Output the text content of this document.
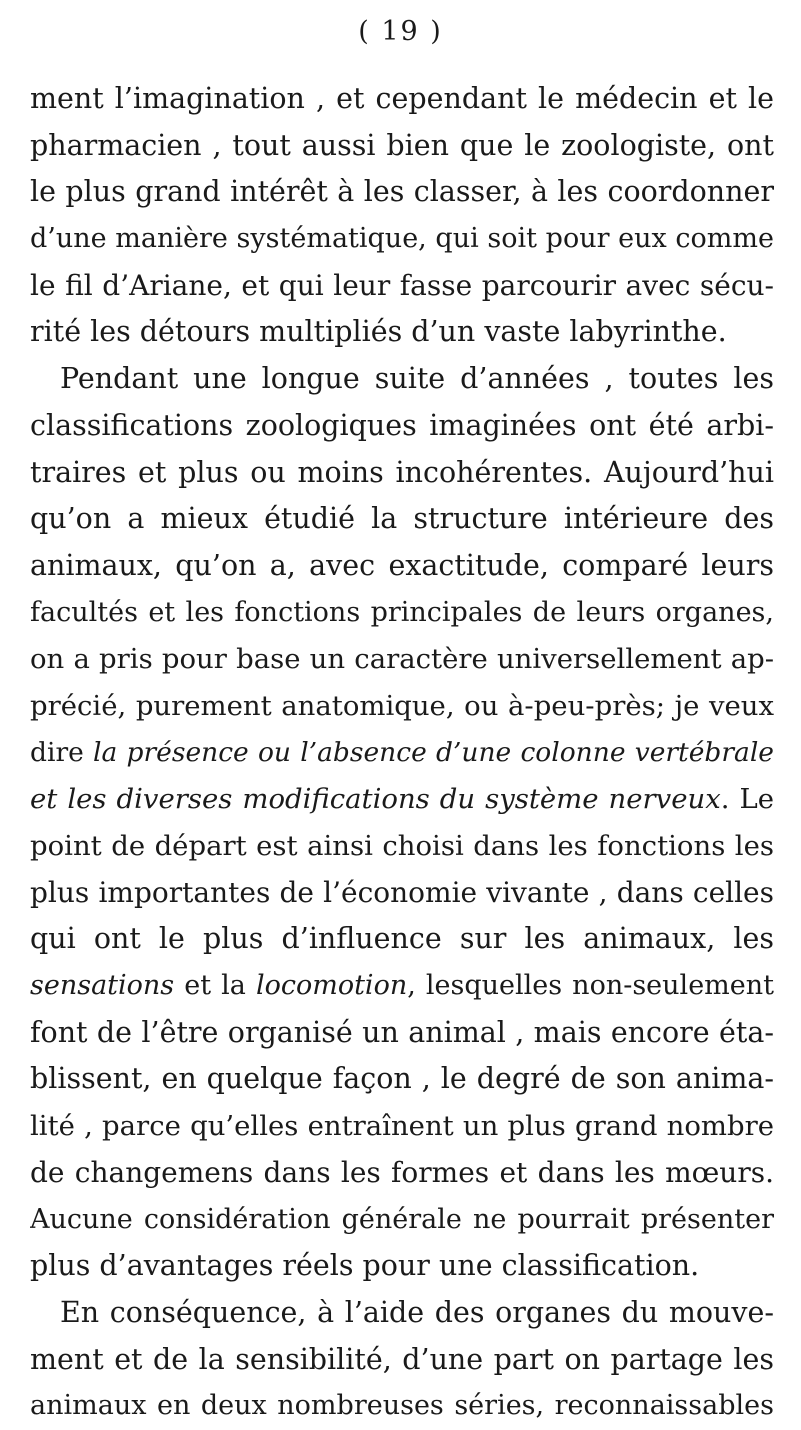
( 19 )
ment l’imagination , et cependant le médecin et le
pharmacien , tout aussi bien que le zoologiste, ont
le plus grand intérêt à les classer, à les coordonner
d’une manière systématique, qui soit pour eux comme
le fil d’Ariane, et qui leur fasse parcourir avec sécu-
rité les détours multipliés d’un vaste labyrinthe.
Pendant une longue suite d’années , toutes les
classifications zoologiques imaginées ont été arbi-
traires et plus ou moins incohérentes. Aujourd’hui
qu’on a mieux étudié la structure intérieure des
animaux, qu’on a, avec exactitude, comparé leurs
facultés et les fonctions principales de leurs organes,
on a pris pour base un caractère universellement ap-
précié, purement anatomique, ou à-peu-près; je veux
dire la présence ou l’absence d’une colonne vertébrale
et les diverses modifications du système nerveux. Le
point de départ est ainsi choisi dans les fonctions les
plus importantes de l’économie vivante , dans celles
qui ont le plus d’influence sur les animaux, les
sensations et la locomotion, lesquelles non-seulement
font de l’être organisé un animal , mais encore éta-
blissent, en quelque façon , le degré de son anima-
lité , parce qu’elles entraînent un plus grand nombre
de changemens dans les formes et dans les mœurs.
Aucune considération générale ne pourrait présenter
plus d’avantages réels pour une classification.
En conséquence, à l’aide des organes du mouve-
ment et de la sensibilité, d’une part on partage les
animaux en deux nombreuses séries, reconnaissables
